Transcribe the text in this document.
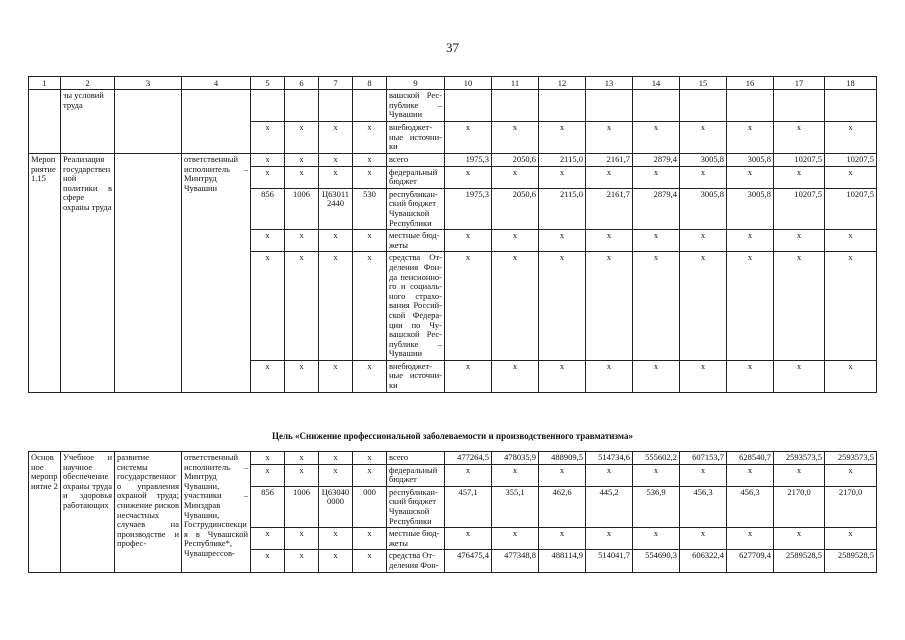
37
1	2	3	4	5	6	7	8	9	10	11	12	13	14	15	16	17	18
	зы условий труда							вашской Рес-публике – Чувашии									
				x	x	x	x	внебюджет-ные источни-ки	x	x	x	x	x	x	x	x	x
Мероприятие 1.15	Реализация государственной политики в сфере охраны труда		ответственный исполнитель – Минтруд Чувашии	x	x	x	x	всего	1975,3	2050,6	2115,0	2161,7	2879,4	3005,8	3005,8	10207,5	10207,5
				x	x	x	x	федеральный бюджет	x	x	x	x	x	x	x	x	x
				856	1006	Ц63011 2440	530	республикан-ский бюджет Чувашской Республики	1975,3	2050,6	2115,0	2161,7	2879,4	3005,8	3005,8	10207,5	10207,5
				x	x	x	x	местные бюд-жеты	x	x	x	x	x	x	x	x	x
				x	x	x	x	средства От-деления Фон-да пенсионно-го и социаль-ного страхо-вания Россий-ской Федера-ции по Чу-вашской Рес-публике – Чувашии	x	x	x	x	x	x	x	x	x
				x	x	x	x	внебюджет-ные источни-ки	x	x	x	x	x	x	x	x	x
Цель «Снижение профессиональной заболеваемости и производственного травматизма»
Основное мероприятие 2	Учебное и научное обеспечение охраны труда и здоровья работающих	развитие системы государственного управления охраной труда; снижение рисков несчастных случаев на производстве и профес-	ответственный исполнитель – Минтруд Чувашии, участники – Минздрав Чувашии, Гострудинспекция в Чувашской Республике*, Чувашрессов-	x	x	x	x	всего	477264,5	478035,9	488909,5	514734,6	555602,2	607153,7	628540,7	2593573,5	2593573,5
				x	x	x	x	федеральный бюджет	x	x	x	x	x	x	x	x	x
				856	1006	Ц63040 0000	000	республикан-ский бюджет Чувашской Республики	457,1	355,1	462,6	445,2	536,9	456,3	456,3	2170,0	2170,0
				x	x	x	x	местные бюд-жеты	x	x	x	x	x	x	x	x	x
				x	x	x	x	средства От-деления Фон-	476475,4	477348,8	488114,9	514041,7	554690,3	606322,4	627709,4	2589528,5	2589528,5
